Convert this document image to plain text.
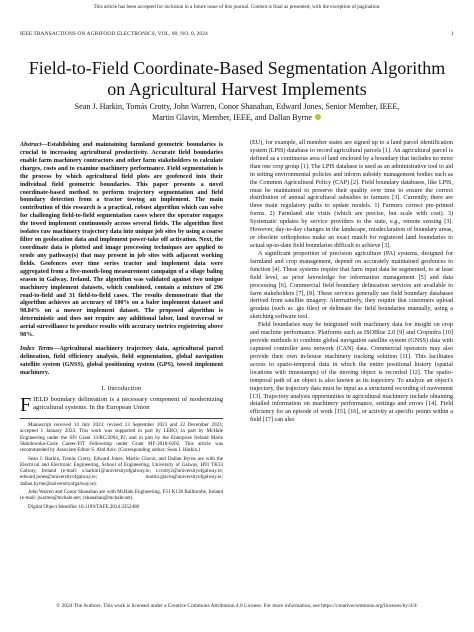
This article has been accepted for inclusion in a future issue of this journal. Content is final as presented, with the exception of pagination.
IEEE TRANSACTIONS ON AGRIFOOD ELECTRONICS, VOL. 00, NO. 0, 2024	1
Field-to-Field Coordinate-Based Segmentation Algorithm on Agricultural Harvest Implements
Sean J. Harkin, Tomás Crotty, John Warren, Conor Shanahan, Edward Jones, Senior Member, IEEE,
Martin Glavin, Member, IEEE, and Dallan Byrne
Abstract—Establishing and maintaining farmland geometric boundaries is crucial to increasing agricultural productivity. Accurate field boundaries enable farm machinery contractors and other farm stakeholders to calculate charges, costs and to examine machinery performance. Field segmentation is the process by which agricultural field plots are geofenced into their individual field geometric boundaries. This paper presents a novel coordinate-based method to perform trajectory segmentation and field boundary detection from a tractor towing an implement. The main contribution of this research is a practical, robust algorithm which can solve for challenging field-to-field segmentation cases where the operator engages the towed implement continuously across several fields. The algorithm first isolates raw machinery trajectory data into unique job sites by using a coarse filter on geolocation data and implement power-take off activation. Next, the coordinate data is plotted and image processing techniques are applied to erode any pathway(s) that may present in job sites with adjacent working fields. Geofences over time series tractor and implement data were aggregated from a five-month-long measurement campaign of a silage baling season in Galway, Ireland. The algorithm was validated against two unique machinery implement datasets, which combined, contain a mixture of 296 road-to-field and 31 field-to-field cases. The results demonstrate that the algorithm achieves an accuracy of 100% on a baler implement dataset and 98.84% on a mower implement dataset. The proposed algorithm is deterministic and does not require any additional labor, land traversal or aerial surveillance to produce results with accuracy metrics registering above 98%.
Index Terms—Agricultural machinery trajectory data, agricultural parcel delineation, field efficiency analysis, field segmentation, global navigation satellite system (GNSS), global positioning system (GPS), towed implement machinery.
I. Introduction
FIELD boundary delineation is a necessary component of modernizing agricultural systems. In the European Union

Manuscript received 14 July 2023; revised 13 September 2023 and 22 December 2023; accepted 1 January 2024. This work was supported in part by LERO, in part by McHale Engineering under the SFI Grant 13/RC/2094_P2, and in part by the Enterprise Ireland Marie Skłodowska-Curie Career-FIT Fellowship under Grant MF-2018-0202. This article was recommended by Associate Editor S. Abd Aziz. (Corresponding author: Sean J. Harkin.)

Sean J. Harkin, Tomás Crotty, Edward Jones, Martin Glavin, and Dallan Byrne are with the Electrical and Electronic Engineering, School of Engineering, University of Galway, H91 TK33 Galway, Ireland (e-mail: s.harkin1@universityofgalway.ie; t.crotty2@universityofgalway.ie; edward.jones@universityofgalway.ie; martin.glavin@universityofgalway.ie; dallan.byrne@universityofgalway.ie).

John Warren and Conor Shanahan are with McHale Engineering, F31 K138 Ballinrobe, Ireland (e-mail: jwarren@mchale.net; cshanahan@mchale.net).

Digital Object Identifier 10.1109/TAFE.2024.3352480

(EU), for example, all member states are signed up to a land parcel identification system (LPIS) database to record agricultural parcels [1]. An agricultural parcel is defined as a continuous area of land enclosed by a boundary that includes no more than one crop group [1]. The LPIS database is used as an administrative tool to aid in setting environmental policies and inform subsidy management bodies such as the Common Agricultural Policy (CAP) [2]. Field boundary databases, like LPIS, must be maintained to preserve their quality over time to ensure the correct distribution of annual agricultural subsidies to farmers [3]. Currently, there are three main regulatory paths to update models. 1) Farmers correct pre-printed forms. 2) Farmland site visits (which are precise, but scale with cost). 3) Systematic updates by service providers to the state, e.g., remote sensing [3]. However, day-to-day changes in the landscape, misdeclaration of boundary areas, or obsolete orthophotos make an exact match for registered land boundaries to actual up-to-date field boundaries difficult to achieve [3].

A significant proportion of precision agriculture (PA) systems, designed for farmland and crop management, depend on accurately maintained geofences to function [4]. These systems require that farm input data be segmented, to at least field level, as prior knowledge for information management [5] and data processing [6]. Commercial field boundary delineation services are available to farm stakeholders [7], [8]. These services generally use field boundary databases derived from satellite imagery. Alternatively, they require that customers upload geodata (such as .gis files) or delineate the field boundaries manually, using a sketching software tool.

Field boundaries may be integrated with machinery data for insight on crop and machine performance. Platforms such as ISOBlue 2.0 [9] and Cropinfra [10] provide methods to combine global navigation satellite system (GNSS) data with captured controller area network (CAN) data. Commercial operators may also provide their own in-house machinery tracking solution [11]. This facilitates access to spatio-temporal data in which the entire positional history (spatial locations with timestamps) of the moving object is recorded [12]. The spatio-temporal path of an object is also known as its trajectory. To analyze an object's trajectory, the trajectory data must be input as a structured recording of movement [13]. Trajectory analysis opportunities in agricultural machinery include obtaining detailed information on machinery performance, settings and errors [14]. Field efficiency for an episode of work [15], [16], or activity at specific points within a field [17] can also

© 2024 The Authors. This work is licensed under a Creative Commons Attribution 4.0 License. For more information, see https://creativecommons.org/licenses/by/4.0/
